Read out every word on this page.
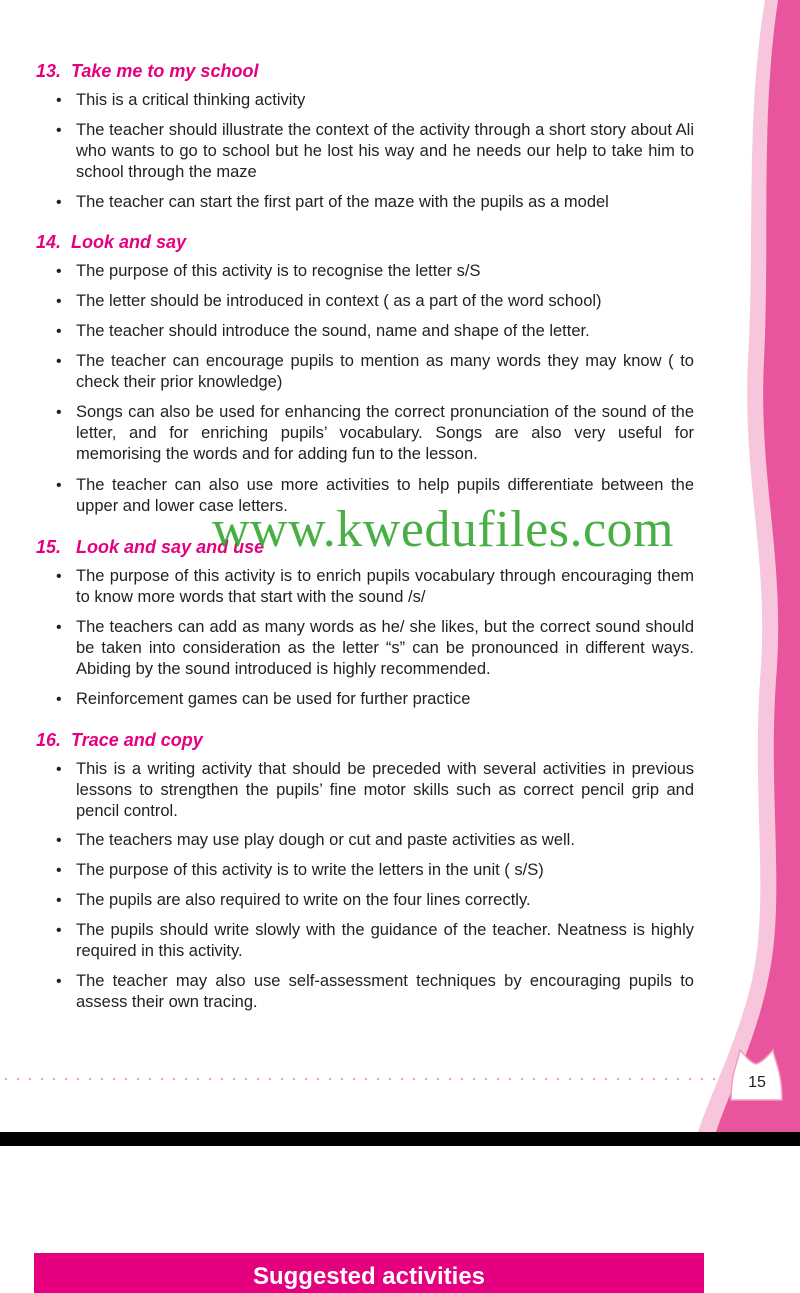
13. Take me to my school
• This is a critical thinking activity
• The teacher should illustrate the context of the activity through a short story about Ali who wants to go to school but he lost his way and he needs our help to take him to school through the maze
• The teacher can start the first part of the maze with the pupils as a model
14. Look and say
• The purpose of this activity is to recognise the letter s/S
• The letter should be introduced in context ( as a part of the word school)
• The teacher should introduce the sound, name and shape of the letter.
• The teacher can encourage pupils to mention as many words they may know ( to check their prior knowledge)
• Songs can also be used for enhancing the correct pronunciation of the sound of the letter, and for enriching pupils’ vocabulary. Songs are also very useful for memorising the words and for adding fun to the lesson.
• The teacher can also use more activities to help pupils differentiate between the upper and lower case letters.
15. Look and say and use
• The purpose of this activity is to enrich pupils vocabulary through encouraging them to know more words that start with the sound /s/
• The teachers can add as many words as he/ she likes, but the correct sound should be taken into consideration as the letter “s” can be pronounced in different ways. Abiding by the sound introduced is highly recommended.
• Reinforcement games can be used for further practice
16. Trace and copy
• This is a writing activity that should be preceded with several activities in previous lessons to strengthen the pupils’ fine motor skills such as correct pencil grip and pencil control.
• The teachers may use play dough or cut and paste activities as well.
• The purpose of this activity is to write the letters in the unit ( s/S)
• The pupils are also required to write on the four lines correctly.
• The pupils should write slowly with the guidance of the teacher. Neatness is highly required in this activity.
• The teacher may also use self-assessment techniques by encouraging pupils to assess their own tracing.
www.kwedufiles.com
15
Suggested activities
